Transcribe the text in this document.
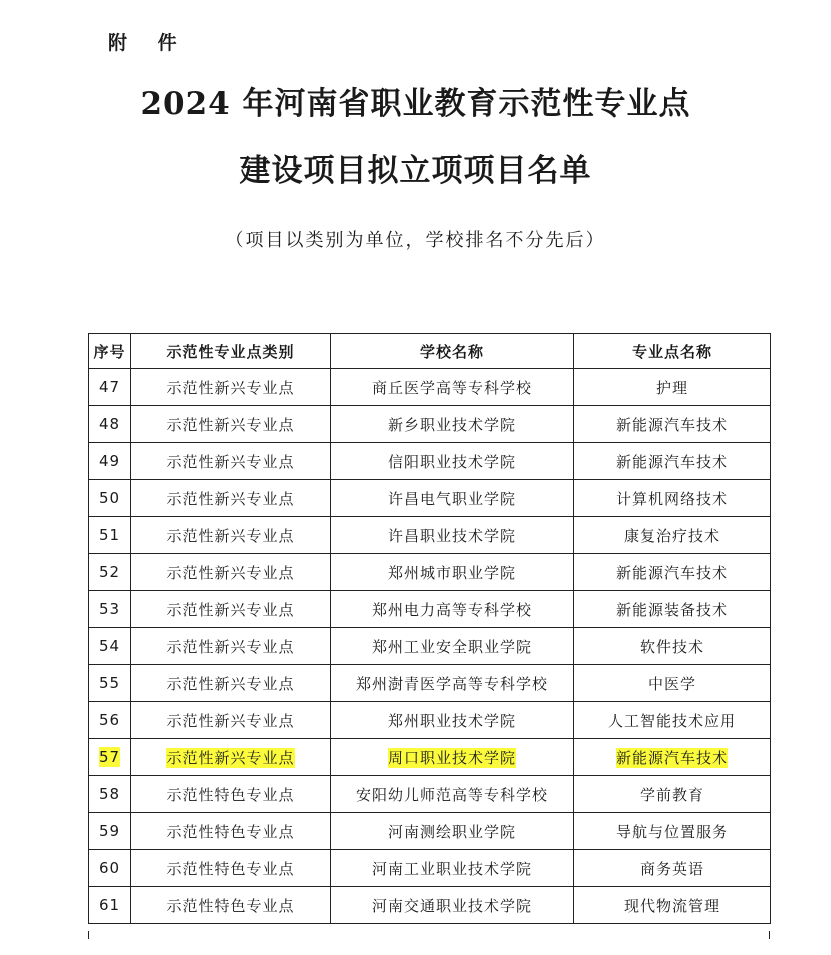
附 件
2024 年河南省职业教育示范性专业点
建设项目拟立项项目名单
（项目以类别为单位，学校排名不分先后）
序号	示范性专业点类别	学校名称	专业点名称
47	示范性新兴专业点	商丘医学高等专科学校	护理
48	示范性新兴专业点	新乡职业技术学院	新能源汽车技术
49	示范性新兴专业点	信阳职业技术学院	新能源汽车技术
50	示范性新兴专业点	许昌电气职业学院	计算机网络技术
51	示范性新兴专业点	许昌职业技术学院	康复治疗技术
52	示范性新兴专业点	郑州城市职业学院	新能源汽车技术
53	示范性新兴专业点	郑州电力高等专科学校	新能源装备技术
54	示范性新兴专业点	郑州工业安全职业学院	软件技术
55	示范性新兴专业点	郑州澍青医学高等专科学校	中医学
56	示范性新兴专业点	郑州职业技术学院	人工智能技术应用
57	示范性新兴专业点	周口职业技术学院	新能源汽车技术
58	示范性特色专业点	安阳幼儿师范高等专科学校	学前教育
59	示范性特色专业点	河南测绘职业学院	导航与位置服务
60	示范性特色专业点	河南工业职业技术学院	商务英语
61	示范性特色专业点	河南交通职业技术学院	现代物流管理
